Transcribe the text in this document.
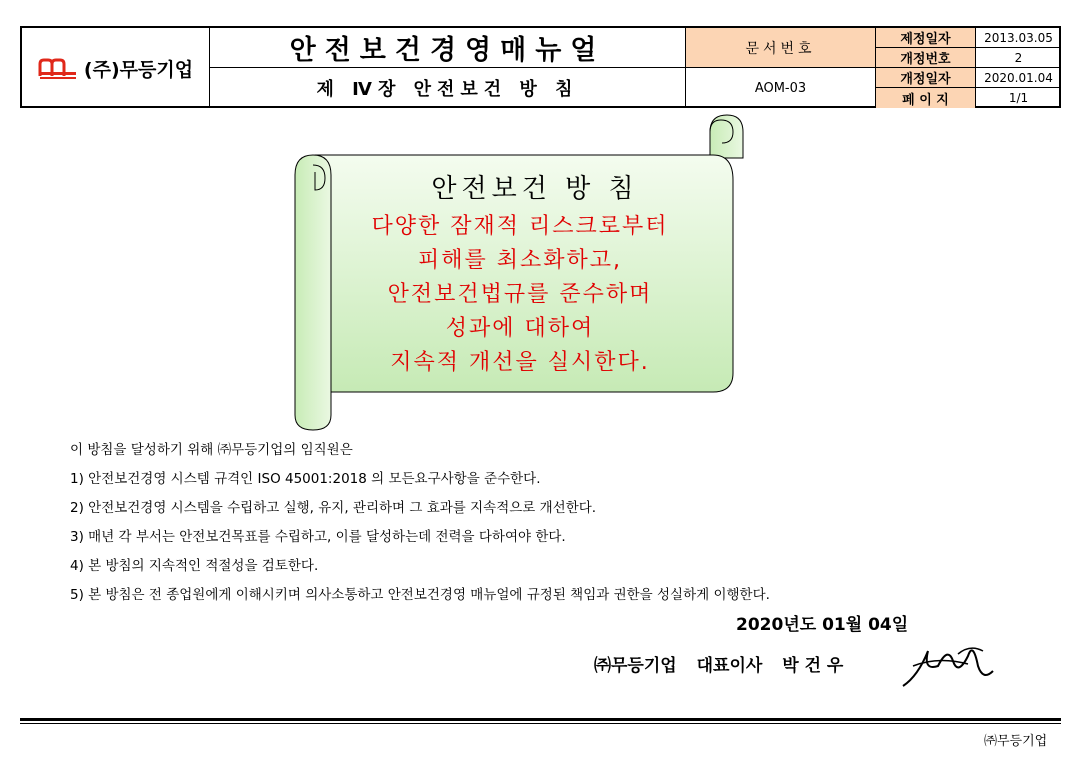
(주)무등기업
안전보건경영매뉴얼
제 Ⅳ장 안전보건 방 침
문서번호
AOM-03
제정일자	2013.03.05
개정번호	2
개정일자	2020.01.04
페 이 지	1/1
안전보건 방 침
다양한 잠재적 리스크로부터
피해를 최소화하고,
안전보건법규를 준수하며
성과에 대하여
지속적 개선을 실시한다.
이 방침을 달성하기 위해 ㈜무등기업의 임직원은
1) 안전보건경영 시스템 규격인 ISO 45001:2018 의 모든요구사항을 준수한다.
2) 안전보건경영 시스템을 수립하고 실행, 유지, 관리하며 그 효과를 지속적으로 개선한다.
3) 매년 각 부서는 안전보건목표를 수립하고, 이를 달성하는데 전력을 다하여야 한다.
4) 본 방침의 지속적인 적절성을 검토한다.
5) 본 방침은 전 종업원에게 이해시키며 의사소통하고 안전보건경영 매뉴얼에 규정된 책임과 권한을 성실하게 이행한다.
2020년도 01월 04일
㈜무등기업 대표이사 박 건 우
㈜무등기업
